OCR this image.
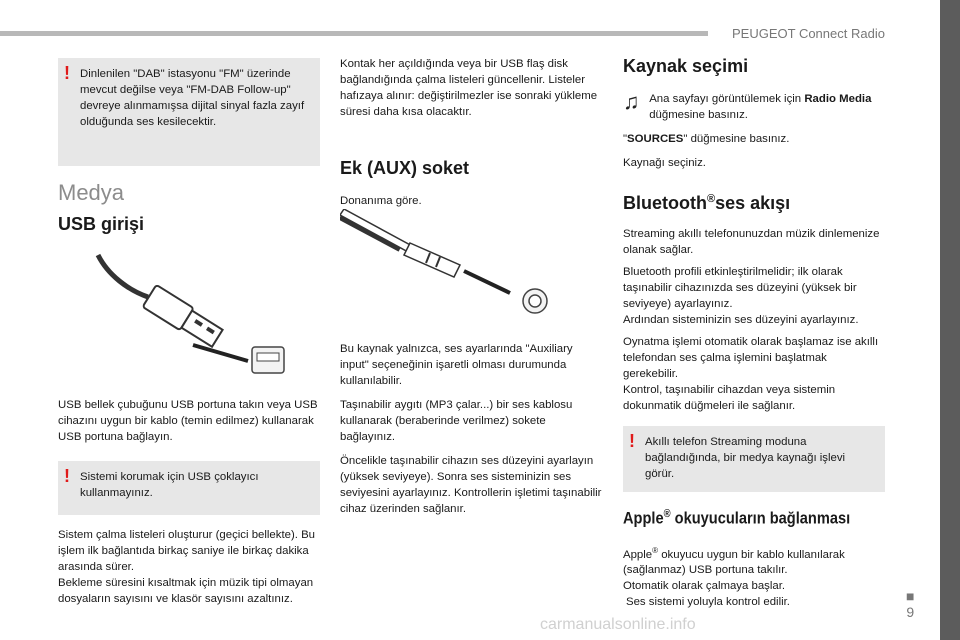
PEUGEOT Connect Radio
■
9
! Dinlenilen "DAB" istasyonu "FM" üzerinde mevcut değilse veya "FM-DAB Follow-up" devreye alınmamışsa dijital sinyal fazla zayıf olduğunda ses kesilecektir.

Medya
USB girişi

USB bellek çubuğunu USB portuna takın veya USB cihazını uygun bir kablo (temin edilmez) kullanarak USB portuna bağlayın.

! Sistemi korumak için USB çoklayıcı kullanmayınız.

Sistem çalma listeleri oluşturur (geçici bellekte). Bu işlem ilk bağlantıda birkaç saniye ile birkaç dakika arasında sürer.

Bekleme süresini kısaltmak için müzik tipi olmayan dosyaların sayısını ve klasör sayısını azaltınız.

Kontak her açıldığında veya bir USB flaş disk bağlandığında çalma listeleri güncellenir. Listeler hafızaya alınır: değiştirilmezler ise sonraki yükleme süresi daha kısa olacaktır.

Ek (AUX) soket

Donanıma göre.

Bu kaynak yalnızca, ses ayarlarında "Auxiliary input" seçeneğinin işaretli olması durumunda kullanılabilir.

Taşınabilir aygıtı (MP3 çalar...) bir ses kablosu kullanarak (beraberinde verilmez) sokete bağlayınız.

Öncelikle taşınabilir cihazın ses düzeyini ayarlayın (yüksek seviyeye). Sonra ses sisteminizin ses seviyesini ayarlayınız. Kontrollerin işletimi taşınabilir cihaz üzerinden sağlanır.

Kaynak seçimi
♫ Ana sayfayı görüntülemek için Radio Media düğmesine basınız.

"SOURCES" düğmesine basınız.

Kaynağı seçiniz.

Bluetooth®ses akışı

Streaming akıllı telefonunuzdan müzik dinlemenize olanak sağlar.

Bluetooth profili etkinleştirilmelidir; ilk olarak taşınabilir cihazınızda ses düzeyini (yüksek bir seviyeye) ayarlayınız.

Ardından sisteminizin ses düzeyini ayarlayınız.

Oynatma işlemi otomatik olarak başlamaz ise akıllı telefondan ses çalma işlemini başlatmak gerekebilir.

Kontrol, taşınabilir cihazdan veya sistemin dokunmatik düğmeleri ile sağlanır.

! Akıllı telefon Streaming moduna bağlandığında, bir medya kaynağı işlevi görür.

Apple® okuyucuların bağlanması

Apple® okuyucu uygun bir kablo kullanılarak (sağlanmaz) USB portuna takılır.

Otomatik olarak çalmaya başlar.

Ses sistemi yoluyla kontrol edilir.

carmanualsonline.info
